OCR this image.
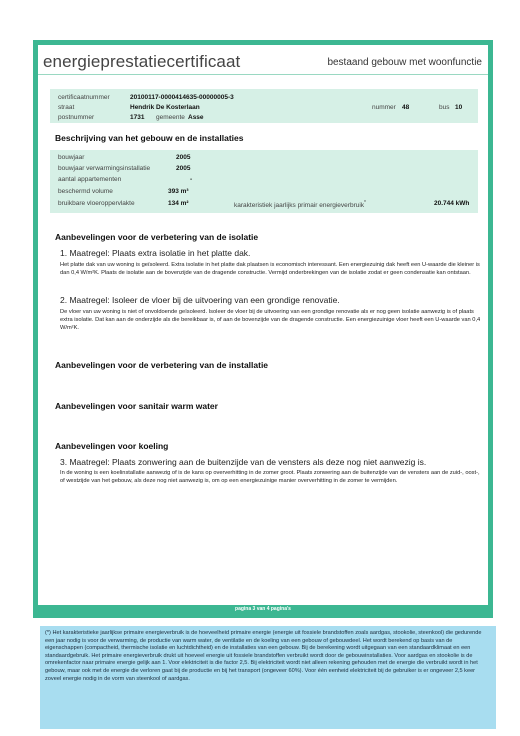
energieprestatiecertificaat	bestaand gebouw met woonfunctie
certificaatnummer	20100117-0000414635-00000005-3
straat	Hendrik De Kosterlaan	nummer 48	bus 10
postnummer	1731 gemeente Asse
Beschrijving van het gebouw en de installaties
bouwjaar	2005
bouwjaar verwarmingsinstallatie	2005
aantal appartementen	-
beschermd volume	393 m³
bruikbare vloeroppervlakte	134 m²	karakteristiek jaarlijks primair energieverbruik*	20.744 kWh
Aanbevelingen voor de verbetering van de isolatie
1. Maatregel: Plaats extra isolatie in het platte dak.
Het platte dak van uw woning is geïsoleerd. Extra isolatie in het platte dak plaatsen is economisch interessant. Een energiezuinig dak heeft een U-waarde die kleiner is dan 0,4 W/m²K. Plaats de isolatie aan de bovenzijde van de dragende constructie. Vermijd onderbrekingen van de isolatie zodat er geen condensatie kan ontstaan.
2. Maatregel: Isoleer de vloer bij de uitvoering van een grondige renovatie.
De vloer van uw woning is niet of onvoldoende geïsoleerd. Isoleer de vloer bij de uitvoering van een grondige renovatie als er nog geen isolatie aanwezig is of plaats extra isolatie. Dat kan aan de onderzijde als die bereikbaar is, of aan de bovenzijde van de dragende constructie. Een energiezuinige vloer heeft een U-waarde van 0,4 W/m²K.
Aanbevelingen voor de verbetering van de installatie
Aanbevelingen voor sanitair warm water
Aanbevelingen voor koeling
3. Maatregel: Plaats zonwering aan de buitenzijde van de vensters als deze nog niet aanwezig is.
In de woning is een koelinstallatie aanwezig of is de kans op oververhitting in de zomer groot. Plaats zonwering aan de buitenzijde van de vensters aan de zuid-, oost-, of westzijde van het gebouw, als deze nog niet aanwezig is, om op een energiezuinige manier oververhitting in de zomer te vermijden.
pagina 3 van 4 pagina's
(*) Het karakteristieke jaarlijkse primaire energieverbruik is de hoeveelheid primaire energie (energie uit fossiele brandstoffen zoals aardgas, stookolie, steenkool) die gedurende een jaar nodig is voor de verwarming, de productie van warm water, de ventilatie en de koeling van een gebouw of gebouwdeel. Het wordt berekend op basis van de eigenschappen (compactheid, thermische isolatie en luchtdichtheid) en de installaties van een gebouw. Bij de berekening wordt uitgegaan van een standaardklimaat en een standaardgebruik. Het primaire energieverbruik drukt uit hoeveel energie uit fossiele brandstoffen verbruikt wordt door de gebouwinstallaties. Voor aardgas en stookolie is de omrekenfactor naar primaire energie gelijk aan 1. Voor elektriciteit is die factor 2,5. Bij elektriciteit wordt niet alleen rekening gehouden met de energie die verbruikt wordt in het gebouw, maar ook met de energie die verloren gaat bij de productie en bij het transport (ongeveer 60%). Voor één eenheid elektriciteit bij de gebruiker is er ongeveer 2,5 keer zoveel energie nodig in de vorm van steenkool of aardgas.
